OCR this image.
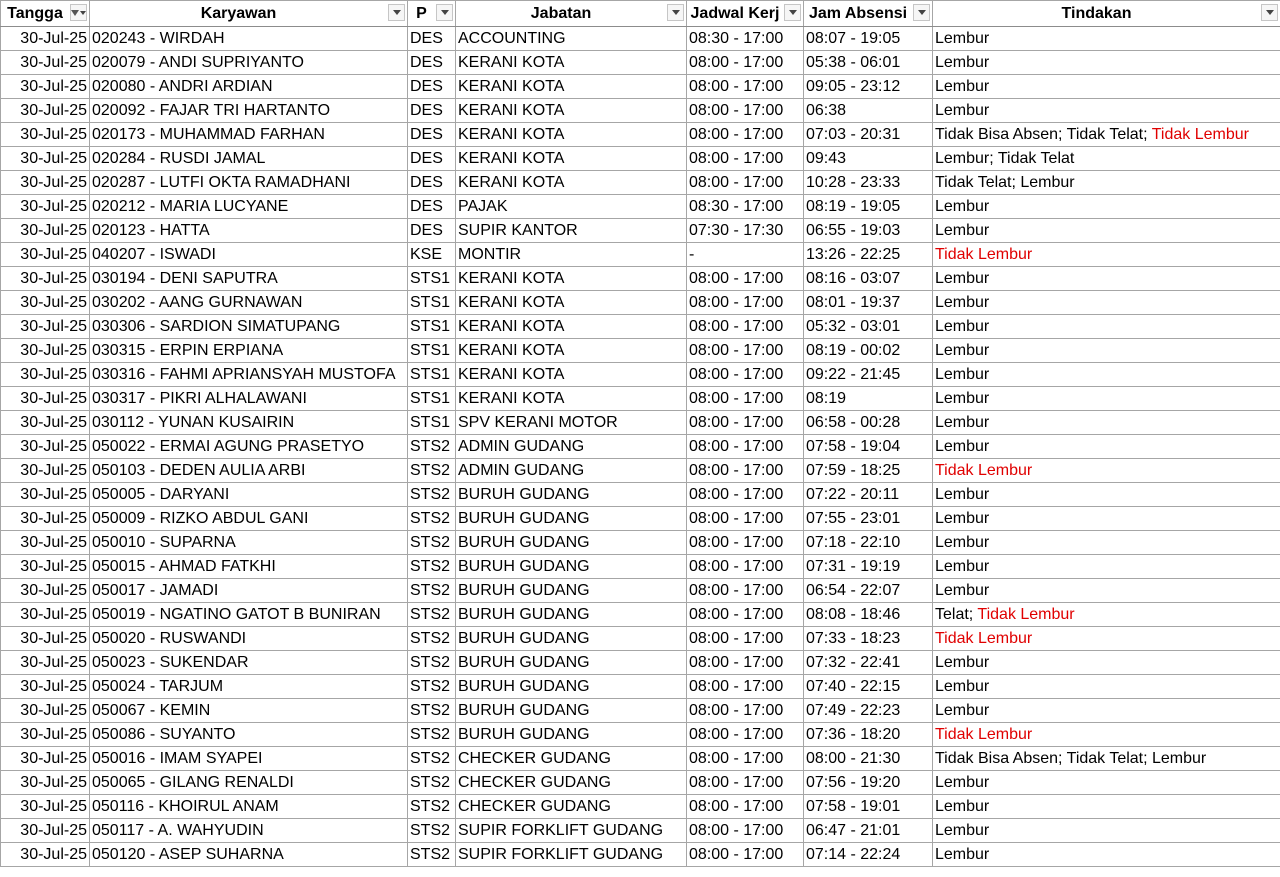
Tangga	Karyawan	P	Jabatan	Jadwal Kerj	Jam Absensi	Tindakan

30-Jul-25	020243 - WIRDAH	DES	ACCOUNTING	08:30 - 17:00	08:07 - 19:05	Lembur
30-Jul-25	020079 - ANDI SUPRIYANTO	DES	KERANI KOTA	08:00 - 17:00	05:38 - 06:01	Lembur
30-Jul-25	020080 - ANDRI ARDIAN	DES	KERANI KOTA	08:00 - 17:00	09:05 - 23:12	Lembur
30-Jul-25	020092 - FAJAR TRI HARTANTO	DES	KERANI KOTA	08:00 - 17:00	06:38	Lembur
30-Jul-25	020173 - MUHAMMAD FARHAN	DES	KERANI KOTA	08:00 - 17:00	07:03 - 20:31	Tidak Bisa Absen; Tidak Telat; Tidak Lembur
30-Jul-25	020284 - RUSDI JAMAL	DES	KERANI KOTA	08:00 - 17:00	09:43	Lembur; Tidak Telat
30-Jul-25	020287 - LUTFI OKTA RAMADHANI	DES	KERANI KOTA	08:00 - 17:00	10:28 - 23:33	Tidak Telat; Lembur
30-Jul-25	020212 - MARIA LUCYANE	DES	PAJAK	08:30 - 17:00	08:19 - 19:05	Lembur
30-Jul-25	020123 - HATTA	DES	SUPIR KANTOR	07:30 - 17:30	06:55 - 19:03	Lembur
30-Jul-25	040207 - ISWADI	KSE	MONTIR	-	13:26 - 22:25	Tidak Lembur
30-Jul-25	030194 - DENI SAPUTRA	STS1	KERANI KOTA	08:00 - 17:00	08:16 - 03:07	Lembur
30-Jul-25	030202 - AANG GURNAWAN	STS1	KERANI KOTA	08:00 - 17:00	08:01 - 19:37	Lembur
30-Jul-25	030306 - SARDION SIMATUPANG	STS1	KERANI KOTA	08:00 - 17:00	05:32 - 03:01	Lembur
30-Jul-25	030315 - ERPIN ERPIANA	STS1	KERANI KOTA	08:00 - 17:00	08:19 - 00:02	Lembur
30-Jul-25	030316 - FAHMI APRIANSYAH MUSTOFA	STS1	KERANI KOTA	08:00 - 17:00	09:22 - 21:45	Lembur
30-Jul-25	030317 - PIKRI ALHALAWANI	STS1	KERANI KOTA	08:00 - 17:00	08:19	Lembur
30-Jul-25	030112 - YUNAN KUSAIRIN	STS1	SPV KERANI MOTOR	08:00 - 17:00	06:58 - 00:28	Lembur
30-Jul-25	050022 - ERMAI AGUNG PRASETYO	STS2	ADMIN GUDANG	08:00 - 17:00	07:58 - 19:04	Lembur
30-Jul-25	050103 - DEDEN AULIA ARBI	STS2	ADMIN GUDANG	08:00 - 17:00	07:59 - 18:25	Tidak Lembur
30-Jul-25	050005 - DARYANI	STS2	BURUH GUDANG	08:00 - 17:00	07:22 - 20:11	Lembur
30-Jul-25	050009 - RIZKO ABDUL GANI	STS2	BURUH GUDANG	08:00 - 17:00	07:55 - 23:01	Lembur
30-Jul-25	050010 - SUPARNA	STS2	BURUH GUDANG	08:00 - 17:00	07:18 - 22:10	Lembur
30-Jul-25	050015 - AHMAD FATKHI	STS2	BURUH GUDANG	08:00 - 17:00	07:31 - 19:19	Lembur
30-Jul-25	050017 - JAMADI	STS2	BURUH GUDANG	08:00 - 17:00	06:54 - 22:07	Lembur
30-Jul-25	050019 - NGATINO GATOT B BUNIRAN	STS2	BURUH GUDANG	08:00 - 17:00	08:08 - 18:46	Telat; Tidak Lembur
30-Jul-25	050020 - RUSWANDI	STS2	BURUH GUDANG	08:00 - 17:00	07:33 - 18:23	Tidak Lembur
30-Jul-25	050023 - SUKENDAR	STS2	BURUH GUDANG	08:00 - 17:00	07:32 - 22:41	Lembur
30-Jul-25	050024 - TARJUM	STS2	BURUH GUDANG	08:00 - 17:00	07:40 - 22:15	Lembur
30-Jul-25	050067 - KEMIN	STS2	BURUH GUDANG	08:00 - 17:00	07:49 - 22:23	Lembur
30-Jul-25	050086 - SUYANTO	STS2	BURUH GUDANG	08:00 - 17:00	07:36 - 18:20	Tidak Lembur
30-Jul-25	050016 - IMAM SYAPEI	STS2	CHECKER GUDANG	08:00 - 17:00	08:00 - 21:30	Tidak Bisa Absen; Tidak Telat; Lembur
30-Jul-25	050065 - GILANG RENALDI	STS2	CHECKER GUDANG	08:00 - 17:00	07:56 - 19:20	Lembur
30-Jul-25	050116 - KHOIRUL ANAM	STS2	CHECKER GUDANG	08:00 - 17:00	07:58 - 19:01	Lembur
30-Jul-25	050117 - A. WAHYUDIN	STS2	SUPIR FORKLIFT GUDANG	08:00 - 17:00	06:47 - 21:01	Lembur
30-Jul-25	050120 - ASEP SUHARNA	STS2	SUPIR FORKLIFT GUDANG	08:00 - 17:00	07:14 - 22:24	Lembur
